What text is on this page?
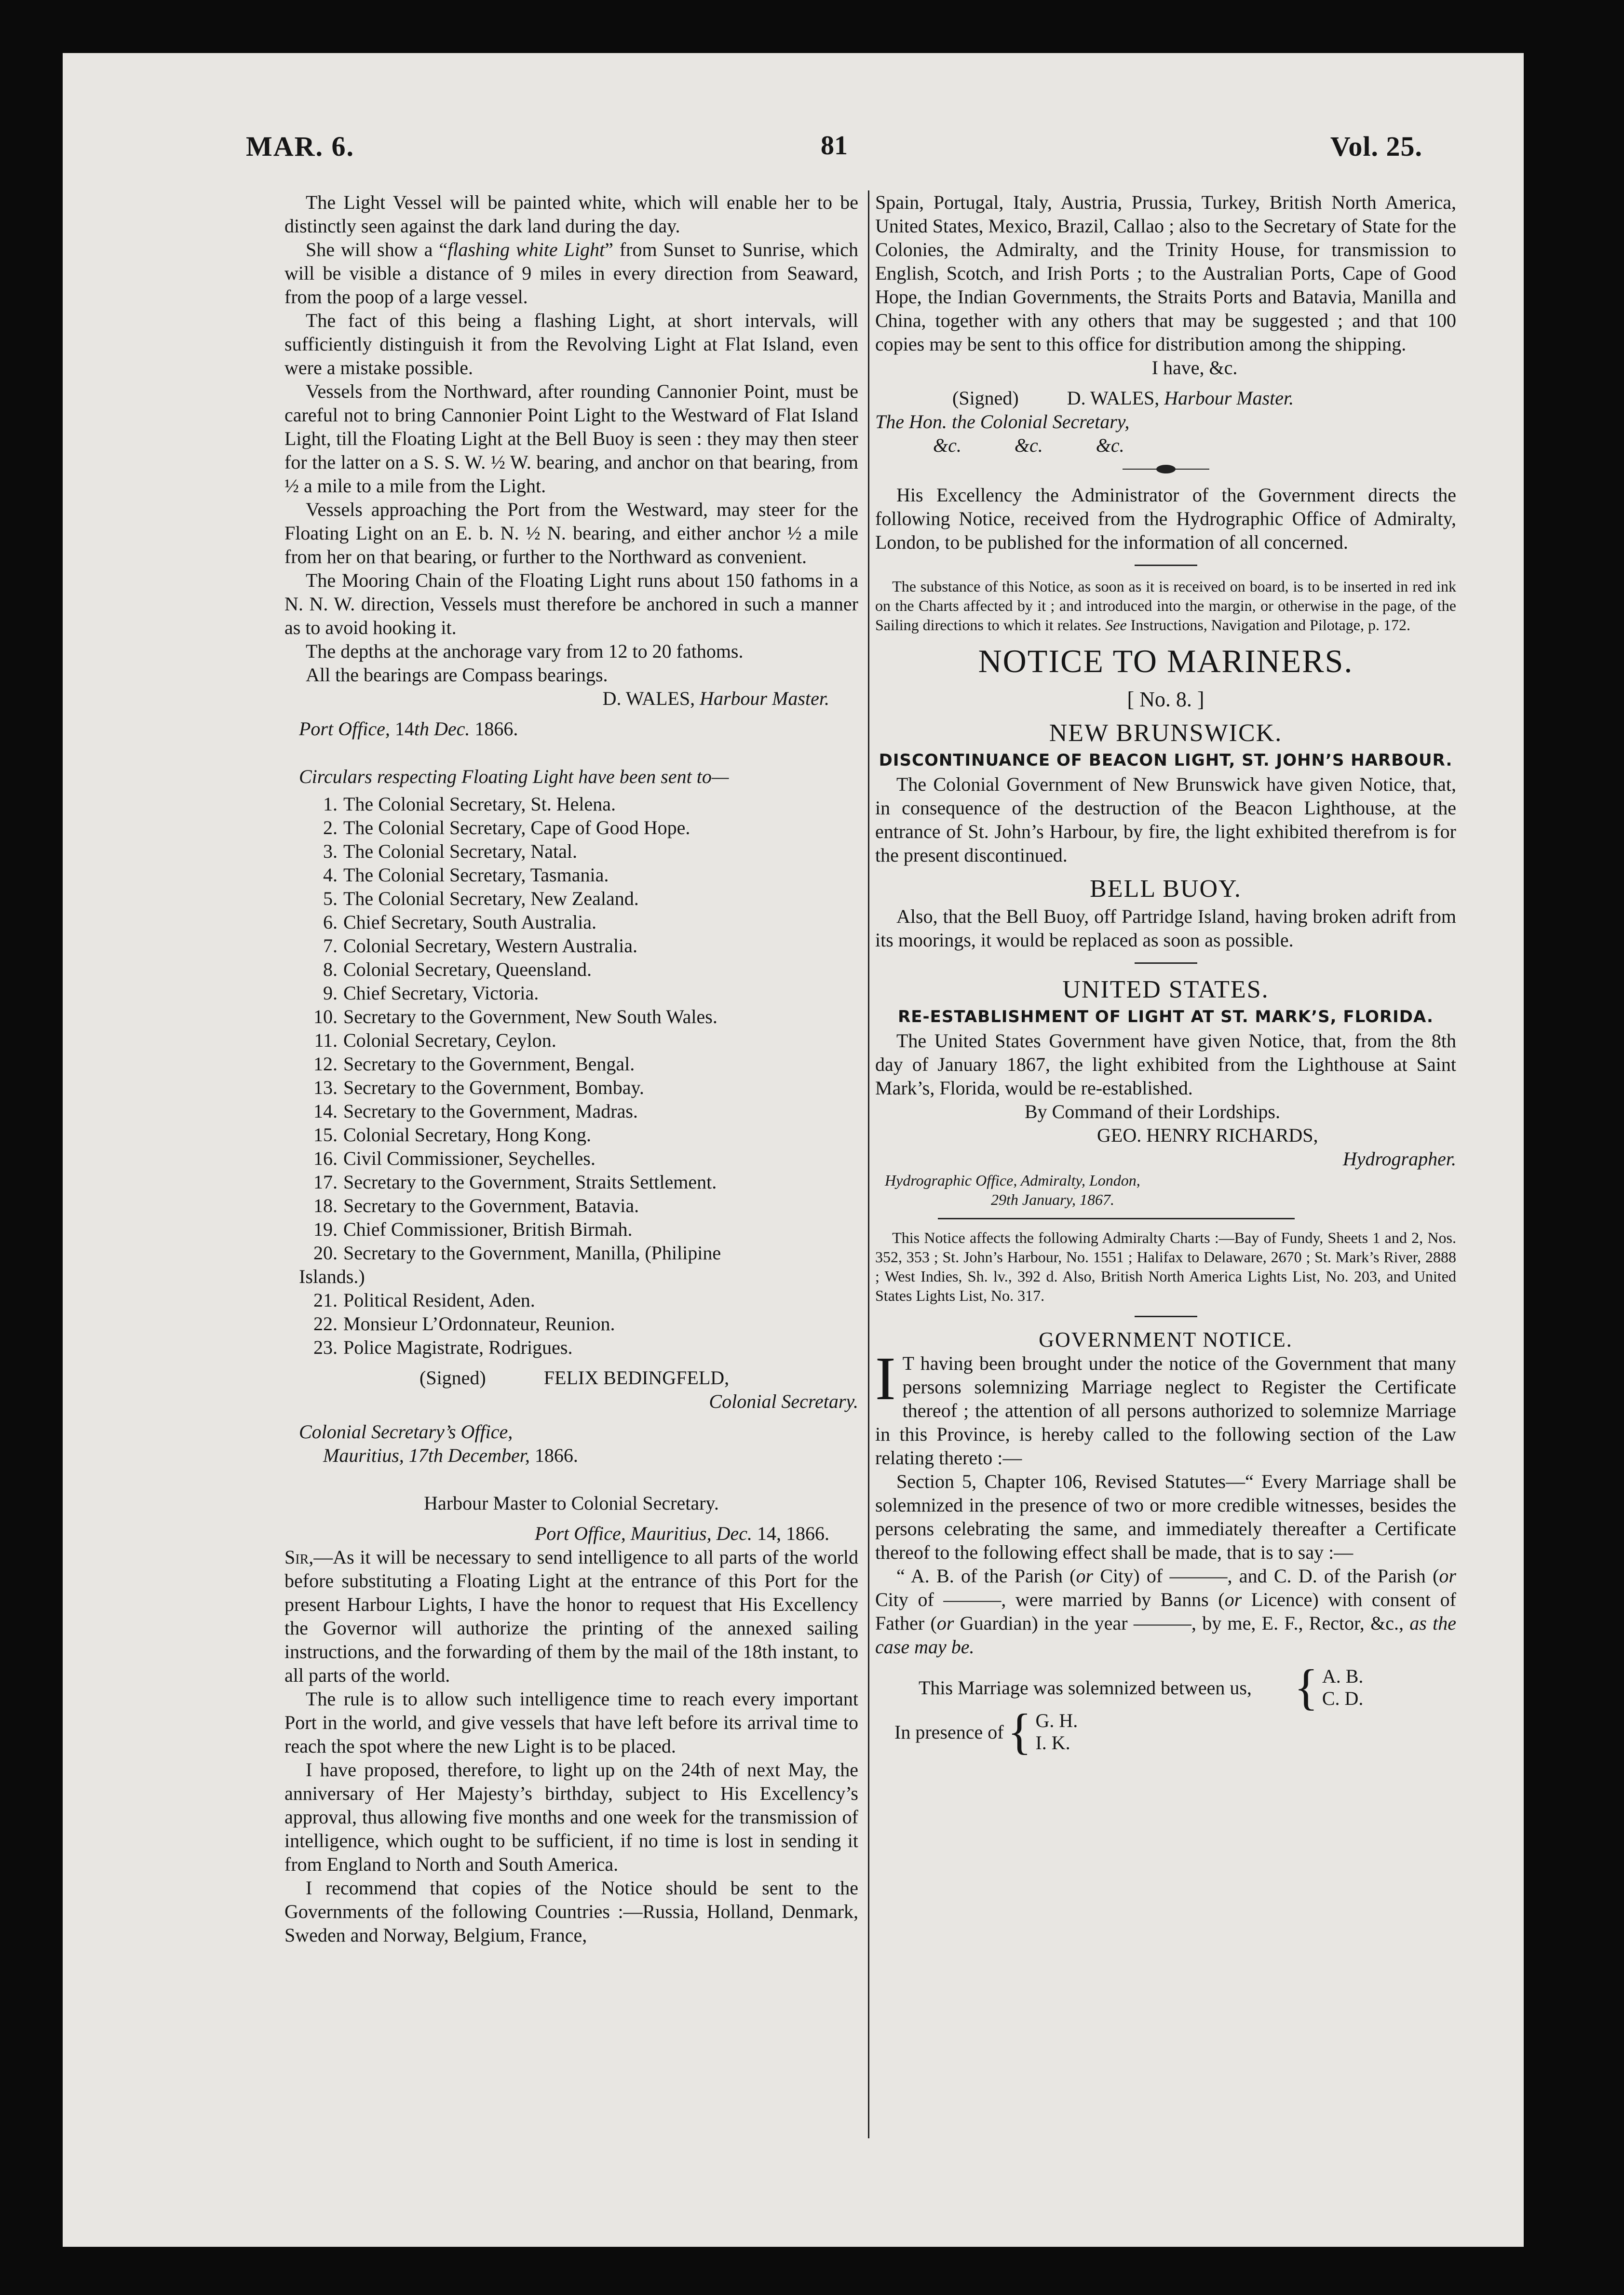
MAR. 6.	81	Vol. 25.

The Light Vessel will be painted white, which will enable her to be distinctly seen against the dark land during the day.

She will show a “flashing white Light” from Sunset to Sunrise, which will be visible a distance of 9 miles in every direction from Seaward, from the poop of a large vessel.

The fact of this being a flashing Light, at short intervals, will sufficiently distinguish it from the Revolving Light at Flat Island, even were a mistake possible.

Vessels from the Northward, after rounding Cannonier Point, must be careful not to bring Cannonier Point Light to the Westward of Flat Island Light, till the Floating Light at the Bell Buoy is seen : they may then steer for the latter on a S. S. W. ½ W. bearing, and anchor on that bearing, from ½ a mile to a mile from the Light.

Vessels approaching the Port from the Westward, may steer for the Floating Light on an E. b. N. ½ N. bearing, and either anchor ½ a mile from her on that bearing, or further to the Northward as convenient.

The Mooring Chain of the Floating Light runs about 150 fathoms in a N. N. W. direction, Vessels must therefore be anchored in such a manner as to avoid hooking it.

The depths at the anchorage vary from 12 to 20 fathoms.

All the bearings are Compass bearings.

D. WALES, Harbour Master.

Port Office, 14th Dec. 1866.

Circulars respecting Floating Light have been sent to—

1. The Colonial Secretary, St. Helena.
2. The Colonial Secretary, Cape of Good Hope.
3. The Colonial Secretary, Natal.
4. The Colonial Secretary, Tasmania.
5. The Colonial Secretary, New Zealand.
6. Chief Secretary, South Australia.
7. Colonial Secretary, Western Australia.
8. Colonial Secretary, Queensland.
9. Chief Secretary, Victoria.
10. Secretary to the Government, New South Wales.
11. Colonial Secretary, Ceylon.
12. Secretary to the Government, Bengal.
13. Secretary to the Government, Bombay.
14. Secretary to the Government, Madras.
15. Colonial Secretary, Hong Kong.
16. Civil Commissioner, Seychelles.
17. Secretary to the Government, Straits Settlement.
18. Secretary to the Government, Batavia.
19. Chief Commissioner, British Birmah.
20. Secretary to the Government, Manilla, (Philipine

Islands.)

21. Political Resident, Aden.
22. Monsieur L’Ordonnateur, Reunion.
23. Police Magistrate, Rodrigues.

(Signed)	FELIX BEDINGFELD,

Colonial Secretary.

Colonial Secretary’s Office,

Mauritius, 17th December, 1866.

Harbour Master to Colonial Secretary.

Port Office, Mauritius, Dec. 14, 1866.

Sir,—As it will be necessary to send intelligence to all parts of the world before substituting a Floating Light at the entrance of this Port for the present Harbour Lights, I have the honor to request that His Excellency the Governor will authorize the printing of the annexed sailing instructions, and the forwarding of them by the mail of the 18th instant, to all parts of the world.

The rule is to allow such intelligence time to reach every important Port in the world, and give vessels that have left before its arrival time to reach the spot where the new Light is to be placed.

I have proposed, therefore, to light up on the 24th of next May, the anniversary of Her Majesty’s birthday, subject to His Excellency’s approval, thus allowing five months and one week for the transmission of intelligence, which ought to be sufficient, if no time is lost in sending it from England to North and South America.

I recommend that copies of the Notice should be sent to the Governments of the following Countries :—Russia, Holland, Denmark, Sweden and Norway, Belgium, France,

Spain, Portugal, Italy, Austria, Prussia, Turkey, British North America, United States, Mexico, Brazil, Callao ; also to the Secretary of State for the Colonies, the Admiralty, and the Trinity House, for transmission to English, Scotch, and Irish Ports ; to the Australian Ports, Cape of Good Hope, the Indian Governments, the Straits Ports and Batavia, Manilla and China, together with any others that may be suggested ; and that 100 copies may be sent to this office for distribution among the shipping.

I have, &c.

(Signed)	D. WALES, Harbour Master.

The Hon. the Colonial Secretary,

&c.	&c.	&c.

His Excellency the Administrator of the Government directs the following Notice, received from the Hydrographic Office of Admiralty, London, to be published for the information of all concerned.

The substance of this Notice, as soon as it is received on board, is to be inserted in red ink on the Charts affected by it ; and introduced into the margin, or otherwise in the page, of the Sailing directions to which it relates. See Instructions, Navigation and Pilotage, p. 172.

NOTICE TO MARINERS.

[ No. 8. ]

NEW BRUNSWICK.

DISCONTINUANCE OF BEACON LIGHT, ST. JOHN’S HARBOUR.

The Colonial Government of New Brunswick have given Notice, that, in consequence of the destruction of the Beacon Lighthouse, at the entrance of St. John’s Harbour, by fire, the light exhibited therefrom is for the present discontinued.

BELL BUOY.

Also, that the Bell Buoy, off Partridge Island, having broken adrift from its moorings, it would be replaced as soon as possible.

UNITED STATES.

RE-ESTABLISHMENT OF LIGHT AT ST. MARK’S, FLORIDA.

The United States Government have given Notice, that, from the 8th day of January 1867, the light exhibited from the Lighthouse at Saint Mark’s, Florida, would be re-established.

By Command of their Lordships.

GEO. HENRY RICHARDS,

Hydrographer.

Hydrographic Office, Admiralty, London,

29th January, 1867.

This Notice affects the following Admiralty Charts :—Bay of Fundy, Sheets 1 and 2, Nos. 352, 353 ; St. John’s Harbour, No. 1551 ; Halifax to Delaware, 2670 ; St. Mark’s River, 2888 ; West Indies, Sh. lv., 392 d. Also, British North America Lights List, No. 203, and United States Lights List, No. 317.

GOVERNMENT NOTICE.

I T having been brought under the notice of the Government that many persons solemnizing Marriage neglect to Register the Certificate thereof ; the attention of all persons authorized to solemnize Marriage in this Province, is hereby called to the following section of the Law relating thereto :—

Section 5, Chapter 106, Revised Statutes—“ Every Marriage shall be solemnized in the presence of two or more credible witnesses, besides the persons celebrating the same, and immediately thereafter a Certificate thereof to the following effect shall be made, that is to say :—

“ A. B. of the Parish (or City) of ———, and C. D. of the Parish (or City of ———, were married by Banns (or Licence) with consent of Father (or Guardian) in the year ———, by me, E. F., Rector, &c., as the case may be.

This Marriage was solemnized between us, { A. B.
C. D.
In presence of { G. H.
I. K.
